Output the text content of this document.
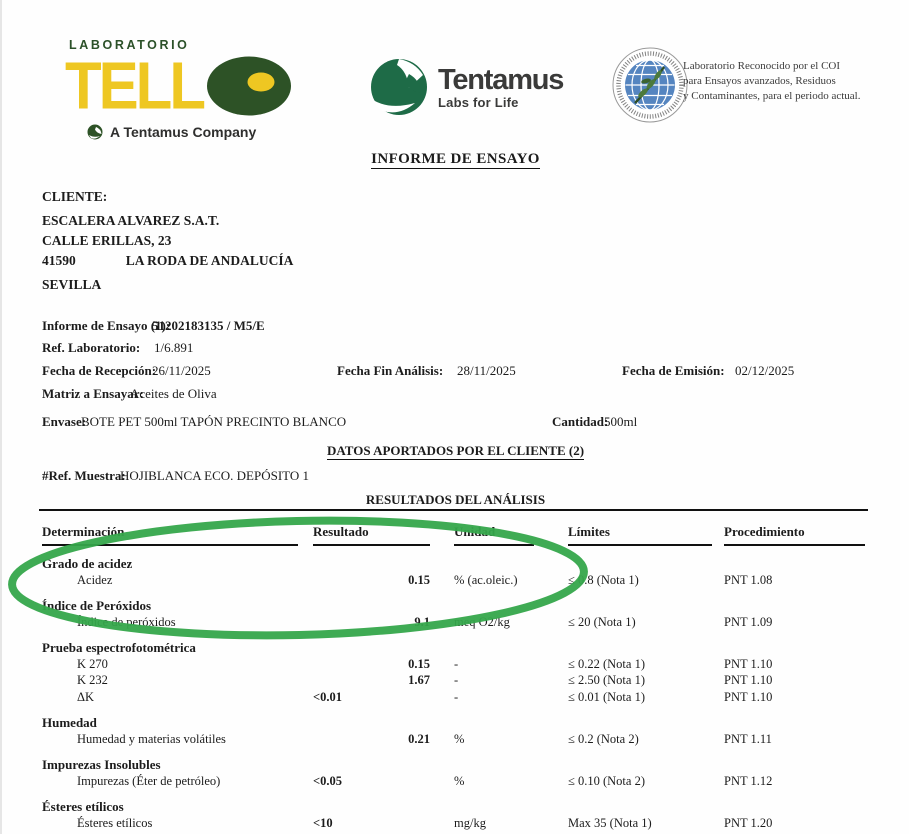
LABORATORIO
TELL
A Tentamus Company
Tentamus
Labs for Life
Laboratorio Reconocido por el COI
para Ensayos avanzados, Residuos
y Contaminantes, para el periodo actual.
INFORME DE ENSAYO
CLIENTE:
ESCALERA ALVAREZ S.A.T.
CALLE ERILLAS, 23
41590	LA RODA DE ANDALUCÍA
SEVILLA
Informe de Ensayo (1):
51202183135 / M5/E
Ref. Laboratorio: 1/6.891
Fecha de Recepción:
26/11/2025	Fecha Fin Análisis: 28/11/2025	Fecha de Emisión: 02/12/2025
Matriz a Ensayar:
Aceites de Oliva
Envase:
BOTE PET 500ml TAPÓN PRECINTO BLANCO	Cantidad:
500ml
DATOS APORTADOS POR EL CLIENTE (2)
#Ref. Muestra:
HOJIBLANCA ECO. DEPÓSITO 1
RESULTADOS DEL ANÁLISIS
Determinación	Resultado	Unidad	Límites	Procedimiento
Grado de acidez
Acidez	0.15	% (ac.oleic.)	≤ 0.8 (Nota 1)	PNT 1.08
Índice de Peróxidos
Índice de peróxidos	9.1	meq O2/kg	≤ 20 (Nota 1)	PNT 1.09
Prueba espectrofotométrica
K 270	0.15	-	≤ 0.22 (Nota 1)	PNT 1.10
K 232	1.67	-	≤ 2.50 (Nota 1)	PNT 1.10
ΔK	<0.01	-	≤ 0.01 (Nota 1)	PNT 1.10
Humedad
Humedad y materias volátiles	0.21	%	≤ 0.2 (Nota 2)	PNT 1.11
Impurezas Insolubles
Impurezas (Éter de petróleo)	<0.05	%	≤ 0.10 (Nota 2)	PNT 1.12
Ésteres etílicos
Ésteres etílicos	<10	mg/kg	Max 35 (Nota 1)	PNT 1.20
